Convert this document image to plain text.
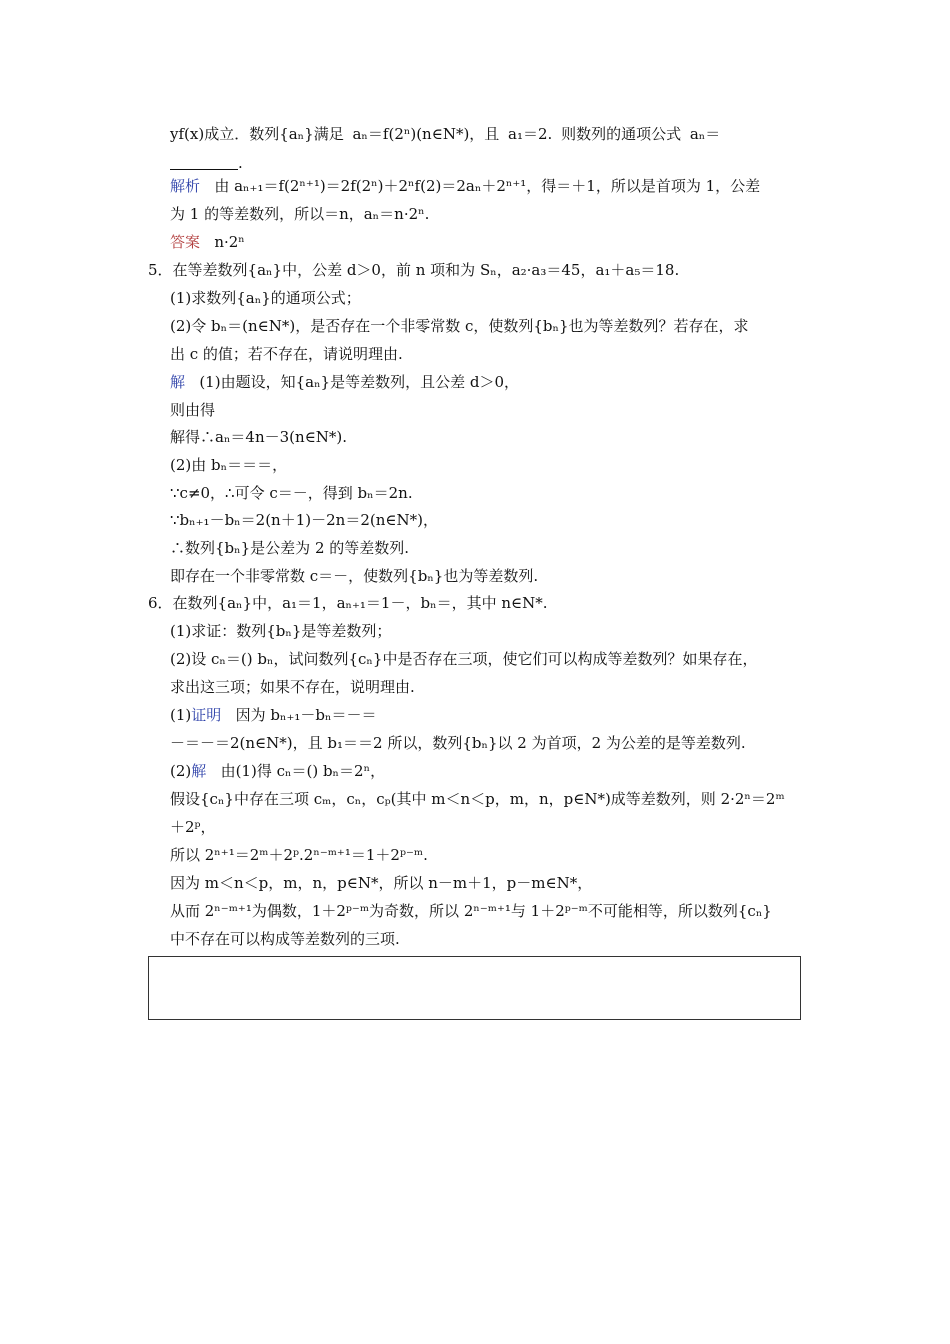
yf(x)成立．数列{aₙ}满足 aₙ＝f(2ⁿ)(n∈N*)，且 a₁＝2. 则数列的通项公式 aₙ＝
.
解析 由 aₙ₊₁＝f(2ⁿ⁺¹)＝2f(2ⁿ)＋2ⁿf(2)＝2aₙ＋2ⁿ⁺¹，得＝＋1，所以是首项为 1，公差
为 1 的等差数列，所以＝n，aₙ＝n·2ⁿ.
答案 n·2ⁿ
5．在等差数列{aₙ}中，公差 d＞0，前 n 项和为 Sₙ，a₂·a₃＝45，a₁＋a₅＝18.
(1)求数列{aₙ}的通项公式；
(2)令 bₙ＝(n∈N*)，是否存在一个非零常数 c，使数列{bₙ}也为等差数列？若存在，求
出 c 的值；若不存在，请说明理由.
解 (1)由题设，知{aₙ}是等差数列，且公差 d＞0，
则由得
解得∴aₙ＝4n－3(n∈N*).
(2)由 bₙ＝＝＝，
∵c≠0，∴可令 c＝－，得到 bₙ＝2n.
∵bₙ₊₁－bₙ＝2(n＋1)－2n＝2(n∈N*)，
∴数列{bₙ}是公差为 2 的等差数列.
即存在一个非零常数 c＝－，使数列{bₙ}也为等差数列.
6．在数列{aₙ}中，a₁＝1，aₙ₊₁＝1－，bₙ＝，其中 n∈N*.
(1)求证：数列{bₙ}是等差数列；
(2)设 cₙ＝() bₙ，试问数列{cₙ}中是否存在三项，使它们可以构成等差数列？如果存在，
求出这三项；如果不存在，说明理由.
(1)证明 因为 bₙ₊₁－bₙ＝－＝
－＝－＝2(n∈N*)，且 b₁＝＝2 所以，数列{bₙ}以 2 为首项，2 为公差的是等差数列.
(2)解 由(1)得 cₙ＝() bₙ＝2ⁿ，
假设{cₙ}中存在三项 cₘ，cₙ，cₚ(其中 m＜n＜p，m，n，p∈N*)成等差数列，则 2·2ⁿ＝2ᵐ
＋2ᵖ，
所以 2ⁿ⁺¹＝2ᵐ＋2ᵖ.2ⁿ⁻ᵐ⁺¹＝1＋2ᵖ⁻ᵐ.
因为 m＜n＜p，m，n，p∈N*，所以 n－m＋1，p－m∈N*，
从而 2ⁿ⁻ᵐ⁺¹为偶数，1＋2ᵖ⁻ᵐ为奇数，所以 2ⁿ⁻ᵐ⁺¹与 1＋2ᵖ⁻ᵐ不可能相等，所以数列{cₙ}
中不存在可以构成等差数列的三项.
